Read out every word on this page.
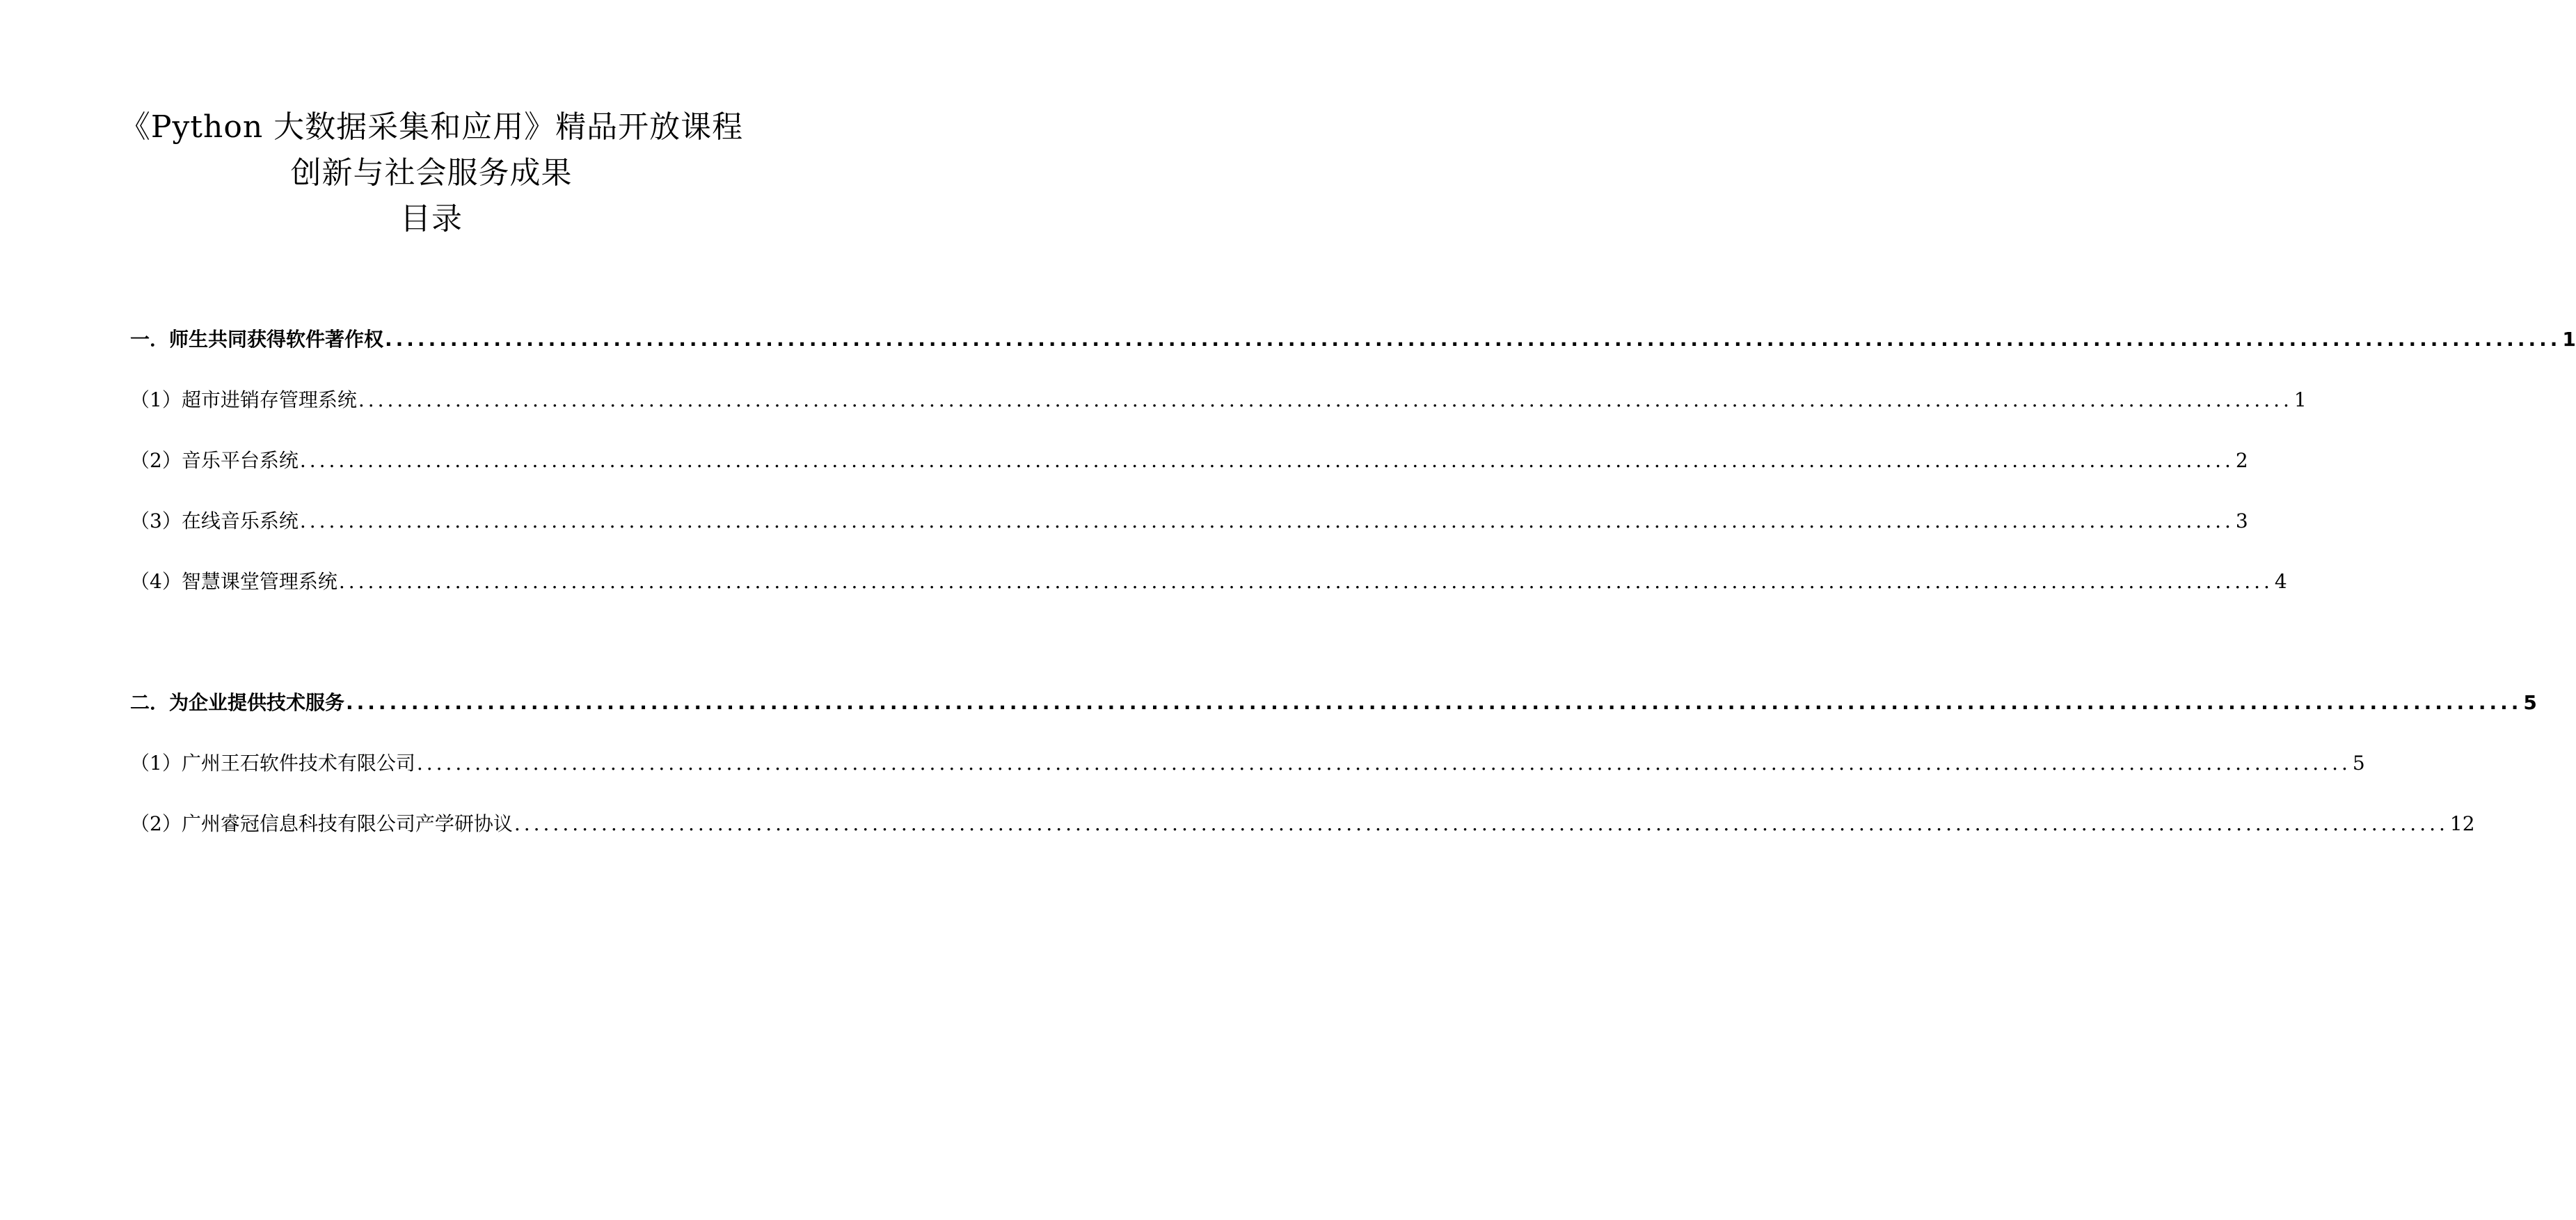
《Python 大数据采集和应用》精品开放课程
创新与社会服务成果
目录
一．师生共同获得软件著作权 ........................................................................................................................................................................................................ 1
（1）超市进销存管理系统 ........................................................................................................................................................................................................ 1
（2）音乐平台系统 ........................................................................................................................................................................................................ 2
（3）在线音乐系统 ........................................................................................................................................................................................................ 3
（4）智慧课堂管理系统 ........................................................................................................................................................................................................ 4
二．为企业提供技术服务 ........................................................................................................................................................................................................ 5
（1）广州王石软件技术有限公司 ........................................................................................................................................................................................................ 5
（2）广州睿冠信息科技有限公司产学研协议 ........................................................................................................................................................................................................ 12
